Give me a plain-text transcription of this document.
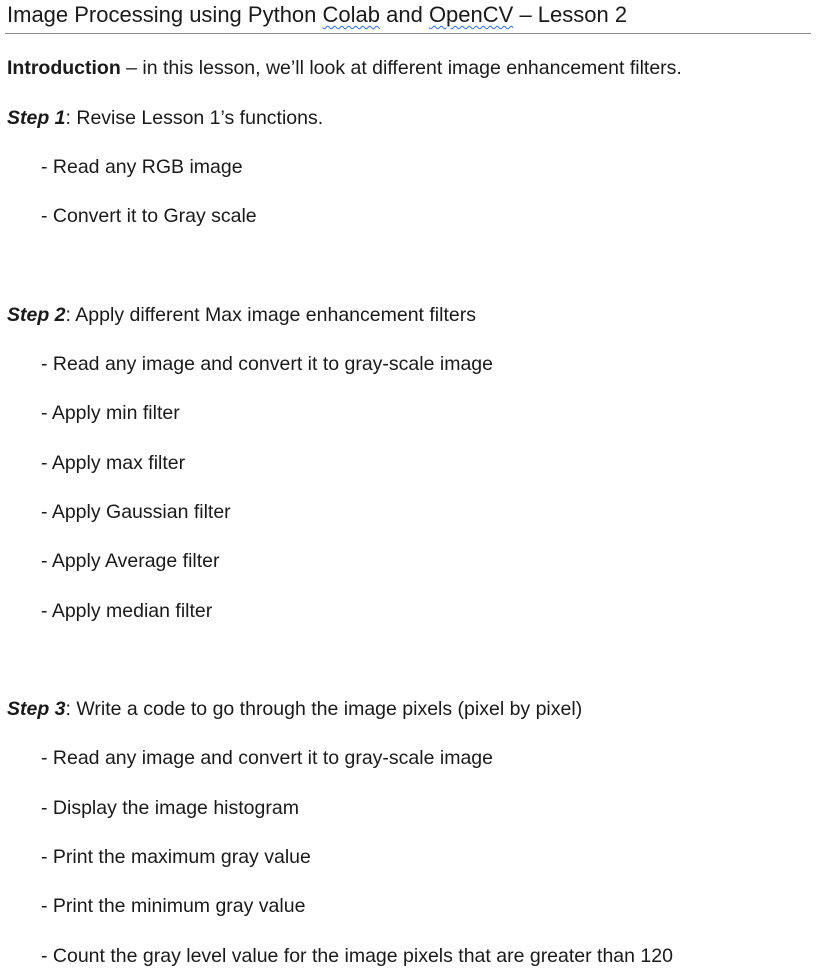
Image Processing using Python Colab and OpenCV – Lesson 2
Introduction – in this lesson, we’ll look at different image enhancement filters.
Step 1: Revise Lesson 1’s functions.
- Read any RGB image
- Convert it to Gray scale
Step 2: Apply different Max image enhancement filters
- Read any image and convert it to gray-scale image
- Apply min filter
- Apply max filter
- Apply Gaussian filter
- Apply Average filter
- Apply median filter
Step 3: Write a code to go through the image pixels (pixel by pixel)
- Read any image and convert it to gray-scale image
- Display the image histogram
- Print the maximum gray value
- Print the minimum gray value
- Count the gray level value for the image pixels that are greater than 120
